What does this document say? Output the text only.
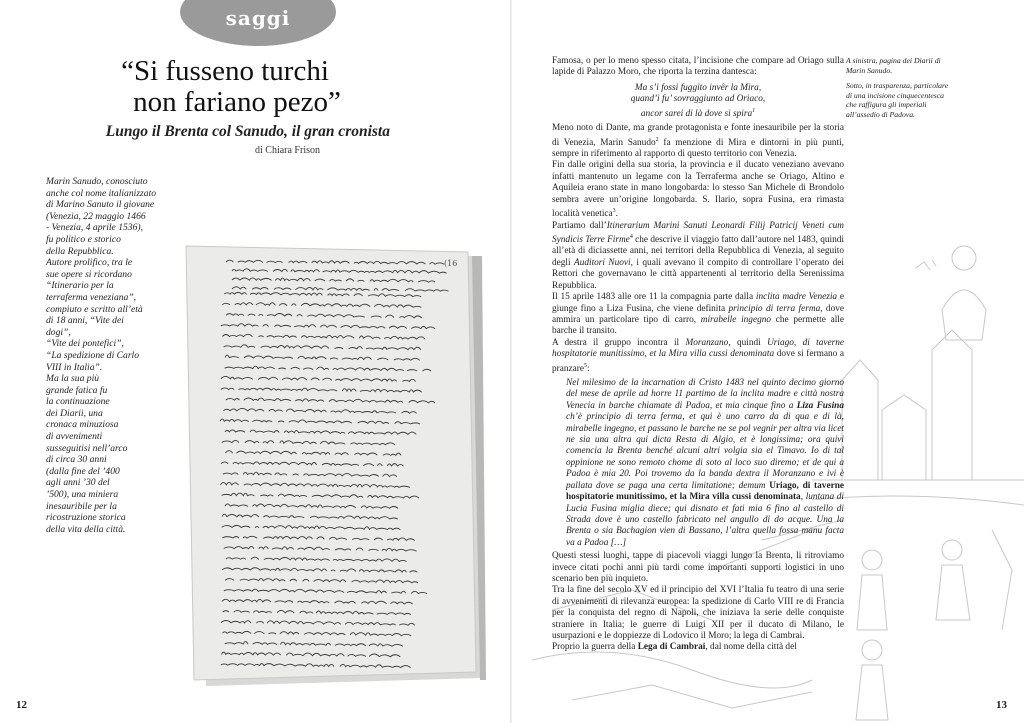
saggi
“Si fusseno turchi
non fariano pezo”
Lungo il Brenta col Sanudo, il gran cronista
di Chiara Frison
Marin Sanudo, conosciuto
anche col nome italianizzato
di Marino Sanuto il giovane
(Venezia, 22 maggio 1466
- Venezia, 4 aprile 1536),
fu politico e storico
della Repubblica.
Autore prolifico, tra le
sue opere si ricordano
“Itinerario per la
terraferma veneziana”,
compiuto e scritto all’età
di 18 anni, “Vite dei
dogi”,
“Vite dei pontefici”,
“La spedizione di Carlo
VIII in Italia”.
Ma la sua più
grande fatica fu
la continuazione
dei Diarii, una
cronaca minuziosa
di avvenimenti
susseguitisi nell’arco
di circa 30 anni
(dalla fine del ’400
agli anni ’30 del
’500), una miniera
inesauribile per la
ricostruzione storica
della vita della città.
(16
12

Famosa, o per lo meno spesso citata, l’incisione che compare ad Oriago sulla lapide di Palazzo Moro, che riporta la terzina dantesca:

Ma s’i fossi fuggito invêr la Mira,
quand’i fu’ sovraggiunto ad Oriaco,
ancor sarei di là dove si spira$^1$

Meno noto di Dante, ma grande protagonista e fonte inesauribile per la storia di Venezia, Marin Sanudo$^2$ fa menzione di Mira e dintorni in più punti, sempre in riferimento al rapporto di questo territorio con Venezia.

Fin dalle origini della sua storia, la provincia e il ducato veneziano avevano infatti mantenuto un legame con la Terraferma anche se Oriago, Altino e Aquileia erano state in mano longobarda: lo stesso San Michele di Brondolo sembra avere un’origine longobarda. S. Ilario, sopra Fusina, era rimasta località venetica$^3$.

Partiamo dall’Itinerarium Marini Sanuti Leonardi Filij Patricij Veneti cum Syndicis Terre Firme$^4$ che descrive il viaggio fatto dall’autore nel 1483, quindi all’età di diciassette anni, nei territori della Repubblica di Venezia, al seguito degli Auditori Nuovi, i quali avevano il compito di controllare l’operato dei Rettori che governavano le città appartenenti al territorio della Serenissima Repubblica.

Il 15 aprile 1483 alle ore 11 la compagnia parte dalla inclita madre Venezia e giunge fino a Liza Fusina, che viene definita principio di terra ferma, dove ammira un particolare tipo di carro, mirabelle ingegno che permette alle barche il transito.

A destra il gruppo incontra il Moranzano, quindi Uriago, di taverne hospitatorie munitissimo, et la Mira villa cussi denominata dove si fermano a pranzare$^5$:

Nel milesimo de la incarnation di Cristo 1483 nel quinto decimo giorno del mese de aprile ad horre 11 partimo de la inclita madre e città nostra Venecia in barche chiamate di Padoa, et mia cinque fino a Liza Fusina ch’è principio di terra ferma, et qui è uno carro da di qua e di là, mirabelle ingegno, et passano le barche ne se pol vegnir per altra via licet ne sia una altra qui dicta Resta di Algio, et è longissima; ora quivi comencia la Brenta benché alcuni altri volgia sia el Timavo. Io di tal oppinione ne sono remoto chome di soto al loco suo diremo; et de qui a Padoa è mia 20. Poi trovemo da la banda dextra il Moranzano e ivi è pallata dove se paga una certa limitatione; demum Uriago, di taverne hospitatorie munitissimo, et la Mira villa cussi denominata, luntana di Lucia Fusina miglia diece; qui disnato et fati mia 6 fino al castello di Strada dove è uno castello fabricato nel angullo di do acque. Una la Brenta o sia Bachagion vien di Bassano, l’altra quella fossa manu facta va a Padoa […]

Questi stessi luoghi, tappe di piacevoli viaggi lungo la Brenta, li ritroviamo invece citati pochi anni più tardi come importanti supporti logistici in uno scenario ben più inquieto.

Tra la fine del secolo XV ed il principio del XVI l’Italia fu teatro di una serie di avvenimenti di rilevanza europea: la spedizione di Carlo VIII re di Francia per la conquista del regno di Napoli, che iniziava la serie delle conquiste straniere in Italia; le guerre di Luigi XII per il ducato di Milano, le usurpazioni e le doppiezze di Lodovico il Moro; la lega di Cambrai.

Proprio la guerra della Lega di Cambrai, dal nome della città del

A sinistra, pagina dei Diarii di Marin Sanudo.

Sotto, in trasparenza, particolare di una incisione cinquecentesca che raffigura gli imperiali all’assedio di Padova.

13
